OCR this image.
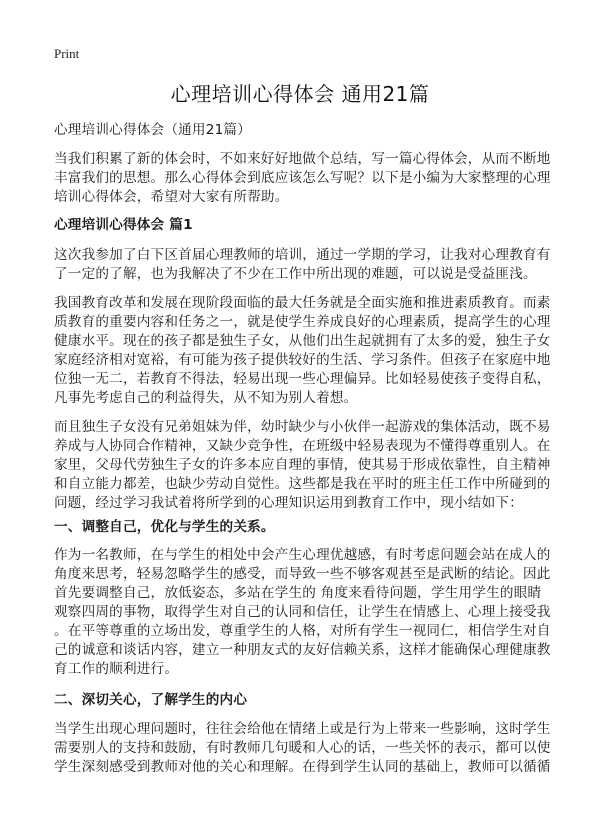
Print
心理培训心得体会 通用21篇
心理培训心得体会（通用21篇）
当我们积累了新的体会时，不如来好好地做个总结，写一篇心得体会，从而不断地
丰富我们的思想。那么心得体会到底应该怎么写呢？以下是小编为大家整理的心理
培训心得体会，希望对大家有所帮助。
心理培训心得体会 篇1
这次我参加了白下区首届心理教师的培训，通过一学期的学习，让我对心理教育有
了一定的了解，也为我解决了不少在工作中所出现的难题，可以说是受益匪浅。
我国教育改革和发展在现阶段面临的最大任务就是全面实施和推进素质教育。而素
质教育的重要内容和任务之一，就是使学生养成良好的心理素质，提高学生的心理
健康水平。现在的孩子都是独生子女，从他们出生起就拥有了太多的爱，独生子女
家庭经济相对宽裕，有可能为孩子提供较好的生活、学习条件。但孩子在家庭中地
位独一无二，若教育不得法，轻易出现一些心理偏异。比如轻易使孩子变得自私，
凡事先考虑自己的利益得失，从不知为别人着想。
而且独生子女没有兄弟姐妹为伴，幼时缺少与小伙伴一起游戏的集体活动，既不易
养成与人协同合作精神，又缺少竞争性，在班级中轻易表现为不懂得尊重别人。在
家里，父母代劳独生子女的许多本应自理的事情，使其易于形成依靠性，自主精神
和自立能力都差，也缺少劳动自觉性。这些都是我在平时的班主任工作中所碰到的
问题，经过学习我试着将所学到的心理知识运用到教育工作中，现小结如下：
一、调整自己，优化与学生的关系。
作为一名教师，在与学生的相处中会产生心理优越感，有时考虑问题会站在成人的
角度来思考，轻易忽略学生的感受，而导致一些不够客观甚至是武断的结论。因此
首先要调整自己，放低姿态，多站在学生的 角度来看待问题，学生用学生的眼睛
观察四周的事物，取得学生对自己的认同和信任，让学生在情感上、心理上接受我
。在平等尊重的立场出发，尊重学生的人格，对所有学生一视同仁，相信学生对自
己的诚意和谈话内容，建立一种朋友式的友好信赖关系，这样才能确保心理健康教
育工作的顺利进行。
二、深切关心，了解学生的内心
当学生出现心理问题时，往往会给他在情绪上或是行为上带来一些影响，这时学生
需要别人的支持和鼓励，有时教师几句暖和人心的话，一些关怀的表示，都可以使
学生深刻感受到教师对他的关心和理解。在得到学生认同的基础上，教师可以循循
